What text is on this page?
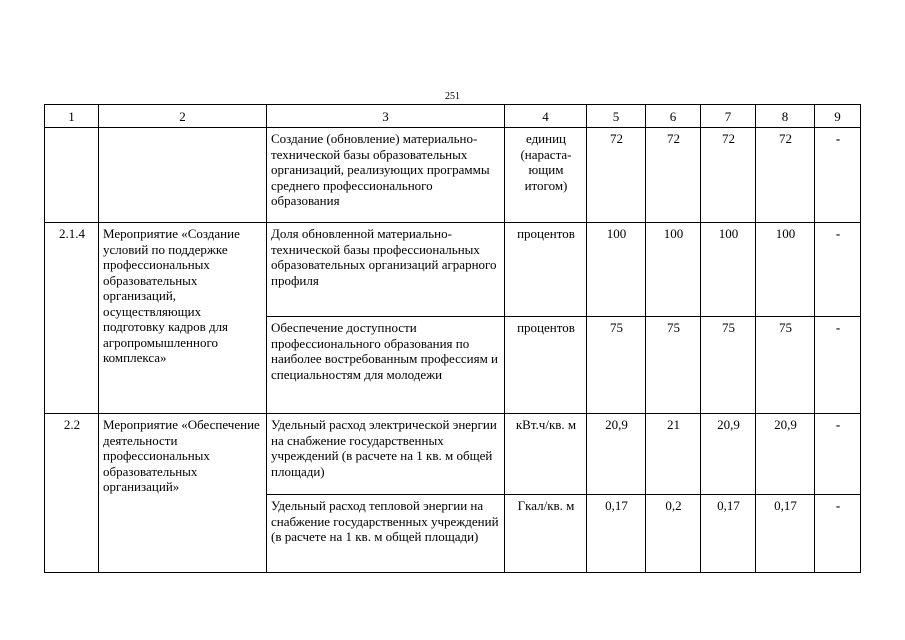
251
1	2	3	4	5	6	7	8	9
		Создание (обновление) материально-технической базы образовательных организаций, реализующих программы среднего профессионального образования	единиц (нараста-ющим итогом)	72	72	72	72	-
2.1.4	Мероприятие «Создание условий по поддержке профессиональных образовательных организаций, осуществляющих подготовку кадров для агропромышленного комплекса»	Доля обновленной материально-технической базы профессиональных образовательных организаций аграрного профиля	процентов	100	100	100	100	-
		Обеспечение доступности профессионального образования по наиболее востребованным профессиям и специальностям для молодежи	процентов	75	75	75	75	-
2.2	Мероприятие «Обеспечение деятельности профессиональных образовательных организаций»	Удельный расход электрической энергии на снабжение государственных учреждений (в расчете на 1 кв. м общей площади)	кВт.ч/кв. м	20,9	21	20,9	20,9	-
		Удельный расход тепловой энергии на снабжение государственных учреждений (в расчете на 1 кв. м общей площади)	Гкал/кв. м	0,17	0,2	0,17	0,17	-
